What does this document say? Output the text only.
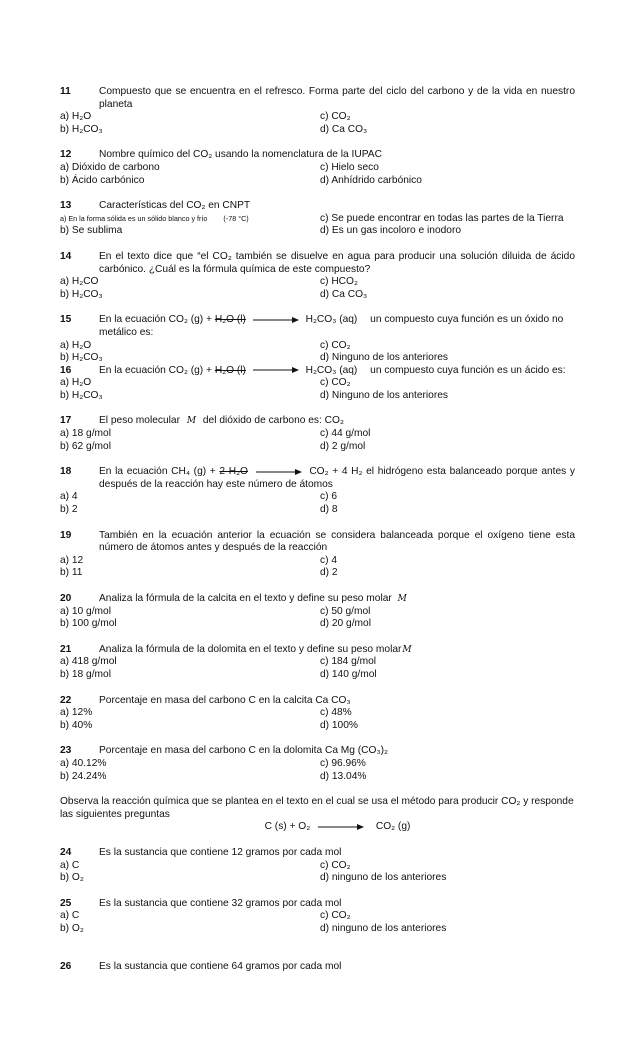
11	Compuesto que se encuentra en el refresco. Forma parte del ciclo del carbono y de la vida en nuestro planeta
a) H₂O	c) CO₂
b) H₂CO₃	d) Ca CO₃
12	Nombre químico del CO₂ usando la nomenclatura de la IUPAC
a) Dióxido de carbono	c) Hielo seco
b) Ácido carbónico	d) Anhídrido carbónico
13	Características del CO₂ en CNPT
a) En la forma sólida es un sólido blanco y frío (-78 °C)	c) Se puede encontrar en todas las partes de la Tierra
b) Se sublima	d) Es un gas incoloro e inodoro
14	En el texto dice que “el CO₂ también se disuelve en agua para producir una solución diluida de ácido carbónico. ¿Cuál es la fórmula química de este compuesto?
a) H₂CO	c) HCO₂
b) H₂CO₃	d) Ca CO₃
15	En la ecuación CO₂ (g) + H₂O (l)	H₂CO₃ (aq) un compuesto cuya función es un óxido no metálico es:
a) H₂O	c) CO₂
b) H₂CO₃	d) Ninguno de los anteriores
16	En la ecuación CO₂ (g) + H₂O (l)	H₂CO₃ (aq) un compuesto cuya función es un ácido es:
a) H₂O	c) CO₂
b) H₂CO₃	d) Ninguno de los anteriores
17	El peso molecular M del dióxido de carbono es: CO₂
a) 18 g/mol	c) 44 g/mol
b) 62 g/mol	d) 2 g/mol
18	En la ecuación CH₄ (g) + 2 H₂O	CO₂ + 4 H₂ el hidrógeno esta balanceado porque antes y después de la reacción hay este número de átomos
a) 4	c) 6
b) 2	d) 8
19	También en la ecuación anterior la ecuación se considera balanceada porque el oxígeno tiene esta número de átomos antes y después de la reacción
a) 12	c) 4
b) 11	d) 2
20	Analiza la fórmula de la calcita en el texto y define su peso molar M
a) 10 g/mol	c) 50 g/mol
b) 100 g/mol	d) 20 g/mol
21	Analiza la fórmula de la dolomita en el texto y define su peso molarM
a) 418 g/mol	c) 184 g/mol
b) 18 g/mol	d) 140 g/mol
22	Porcentaje en masa del carbono C en la calcita Ca CO₃
a) 12%	c) 48%
b) 40%	d) 100%
23	Porcentaje en masa del carbono C en la dolomita Ca Mg (CO₃)₂
a) 40.12%	c) 96.96%
b) 24.24%	d) 13.04%
Observa la reacción química que se plantea en el texto en el cual se usa el método para producir CO₂ y responde las siguientes preguntas
C (s) + O₂	CO₂ (g)
24	Es la sustancia que contiene 12 gramos por cada mol
a) C	c) CO₂
b) O₂	d) ninguno de los anteriores
25	Es la sustancia que contiene 32 gramos por cada mol
a) C	c) CO₂
b) O₂	d) ninguno de los anteriores
26	Es la sustancia que contiene 64 gramos por cada mol
